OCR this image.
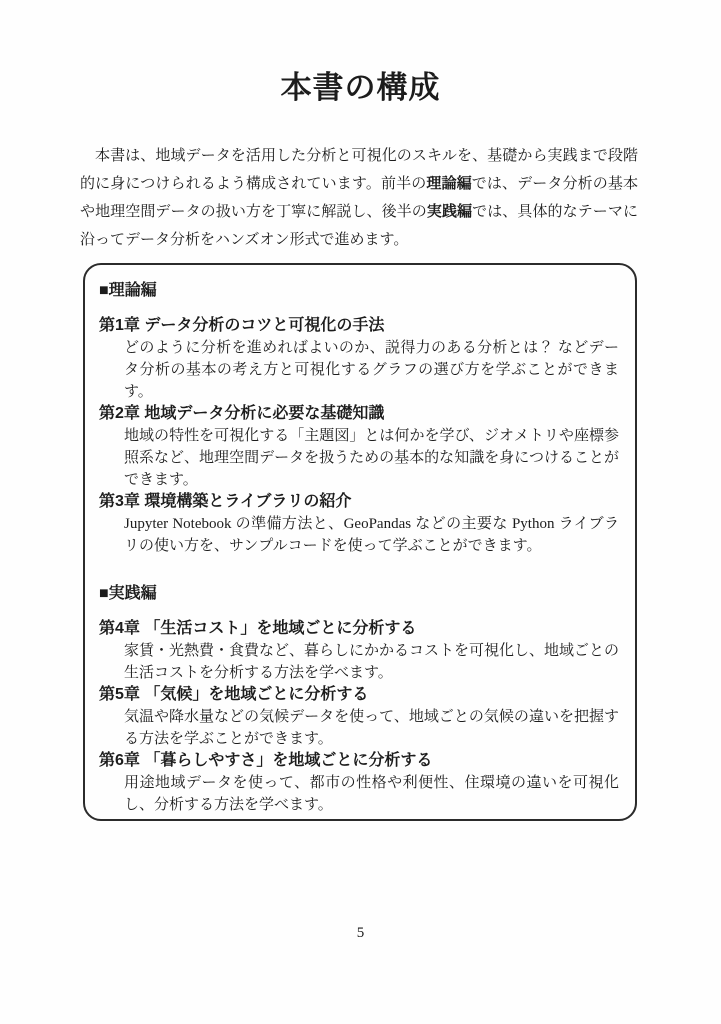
本書の構成

本書は、地域データを活用した分析と可視化のスキルを、基礎から実践まで段階的に身につけられるよう構成されています。前半の理論編では、データ分析の基本や地理空間データの扱い方を丁寧に解説し、後半の実践編では、具体的なテーマに沿ってデータ分析をハンズオン形式で進めます。

■理論編
第1章 データ分析のコツと可視化の手法
どのように分析を進めればよいのか、説得力のある分析とは？ などデータ分析の基本の考え方と可視化するグラフの選び方を学ぶことができます。
第2章 地域データ分析に必要な基礎知識
地域の特性を可視化する「主題図」とは何かを学び、ジオメトリや座標参照系など、地理空間データを扱うための基本的な知識を身につけることができます。
第3章 環境構築とライブラリの紹介
Jupyter Notebook の準備方法と、GeoPandas などの主要な Python ライブラリの使い方を、サンプルコードを使って学ぶことができます。
■実践編
第4章 「生活コスト」を地域ごとに分析する
家賃・光熱費・食費など、暮らしにかかるコストを可視化し、地域ごとの生活コストを分析する方法を学べます。
第5章 「気候」を地域ごとに分析する
気温や降水量などの気候データを使って、地域ごとの気候の違いを把握する方法を学ぶことができます。
第6章 「暮らしやすさ」を地域ごとに分析する
用途地域データを使って、都市の性格や利便性、住環境の違いを可視化し、分析する方法を学べます。
5
